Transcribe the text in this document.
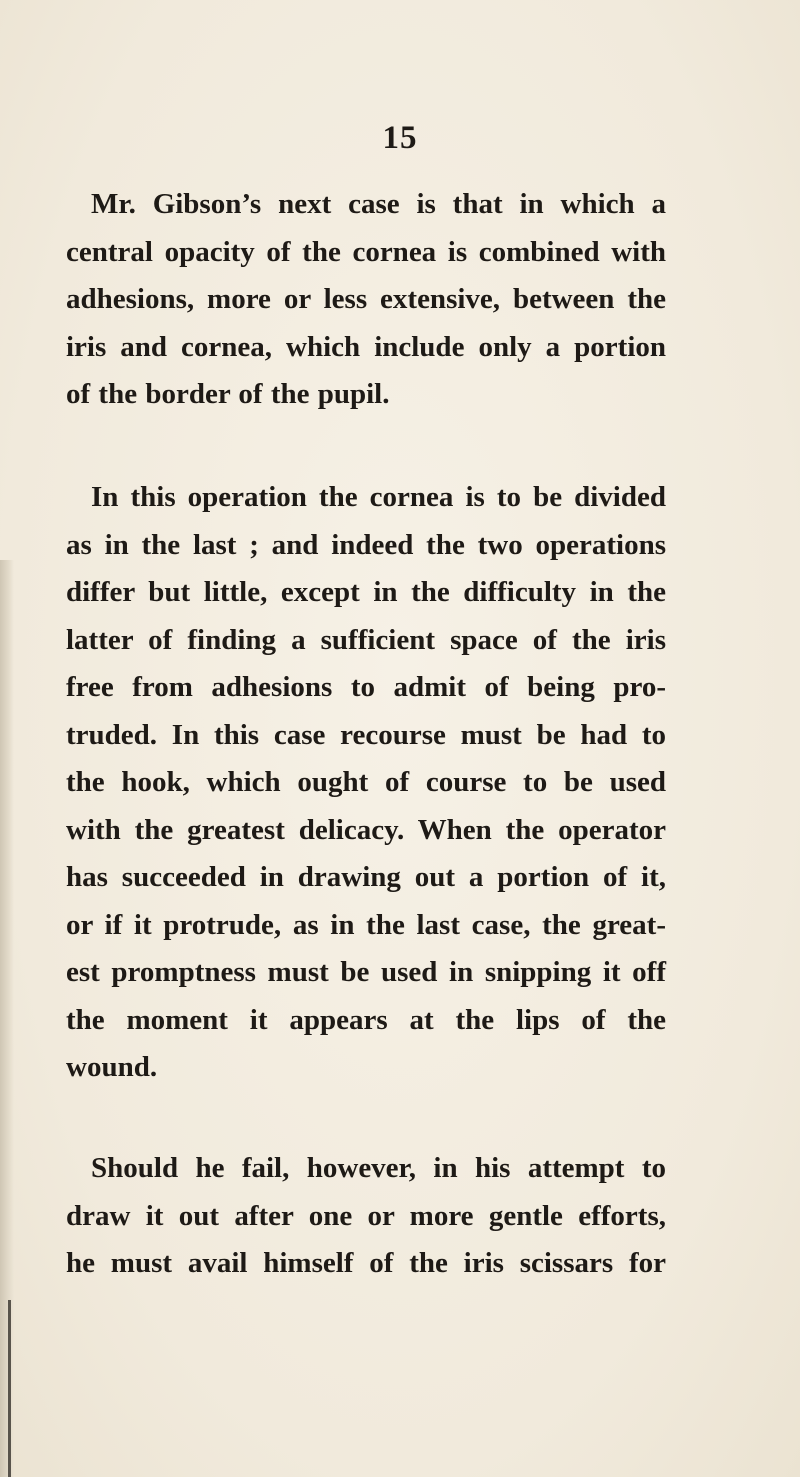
15
Mr. Gibson’s next case is that in which a
central opacity of the cornea is combined with
adhesions, more or less extensive, between the
iris and cornea, which include only a portion
of the border of the pupil.
In this operation the cornea is to be divided
as in the last ; and indeed the two operations
differ but little, except in the difficulty in the
latter of finding a sufficient space of the iris
free from adhesions to admit of being pro-
truded. In this case recourse must be had to
the hook, which ought of course to be used
with the greatest delicacy. When the operator
has succeeded in drawing out a portion of it,
or if it protrude, as in the last case, the great-
est promptness must be used in snipping it off
the moment it appears at the lips of the
wound.
Should he fail, however, in his attempt to
draw it out after one or more gentle efforts,
he must avail himself of the iris scissars for
